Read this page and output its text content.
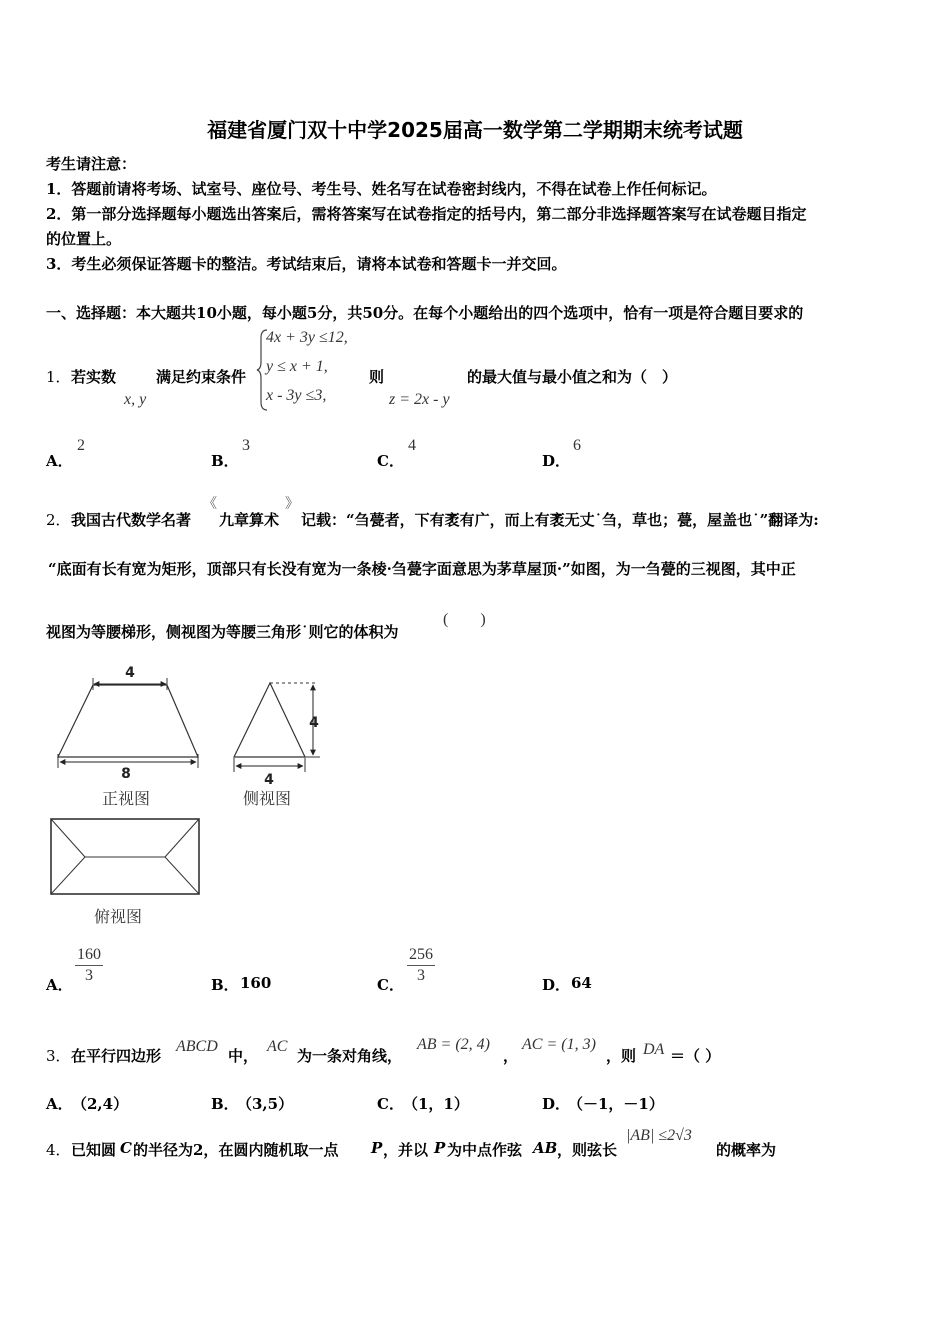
福建省厦门双十中学2025届高一数学第二学期期末统考试题
考生请注意：
1．答题前请将考场、试室号、座位号、考生号、姓名写在试卷密封线内，不得在试卷上作任何标记。
2．第一部分选择题每小题选出答案后，需将答案写在试卷指定的括号内，第二部分非选择题答案写在试卷题目指定
的位置上。
3．考生必须保证答题卡的整洁。考试结束后，请将本试卷和答题卡一并交回。
一、选择题：本大题共10小题，每小题5分，共50分。在每个小题给出的四个选项中，恰有一项是符合题目要求的
1． 若实数
x, y
满足约束条件
4x + 3y ≤12,
y ≤ x + 1,
x - 3y ≤3,
则
z = 2x - y
的最大值与最小值之和为（　）
A．
2
B．
3
C．
4
D．
6
2． 我国古代数学名著
《
九章算术
》
记载：“刍甍者，下有袤有广，而上有袤无丈˙刍，草也；甍，屋盖也˙”翻译为:
“底面有长有宽为矩形，顶部只有长没有宽为一条棱·刍甍字面意思为茅草屋顶·”如图，为一刍甍的三视图，其中正
视图为等腰梯形，侧视图为等腰三角形˙则它的体积为
(　　)
4
8
正视图
4
4
侧视图
俯视图
A． $\frac{160}{3}$	B． 160	C． $\frac{256}{3}$	D． 64
3． 在平行四边形
ABCD
中，
AC
为一条对角线，
AB = (2, 4)
，
AC = (1, 3)
，则 DA ＝（ ）
A． （2,4）	B．
（3,5）	C． （1，1）	D．
（－1，－1）
4． 已知圆 C 的半径为2，在圆内随机取一点 P ，并以 P 为中点作弦 AB ，则弦长
|AB| ≤2√3
的概率为
